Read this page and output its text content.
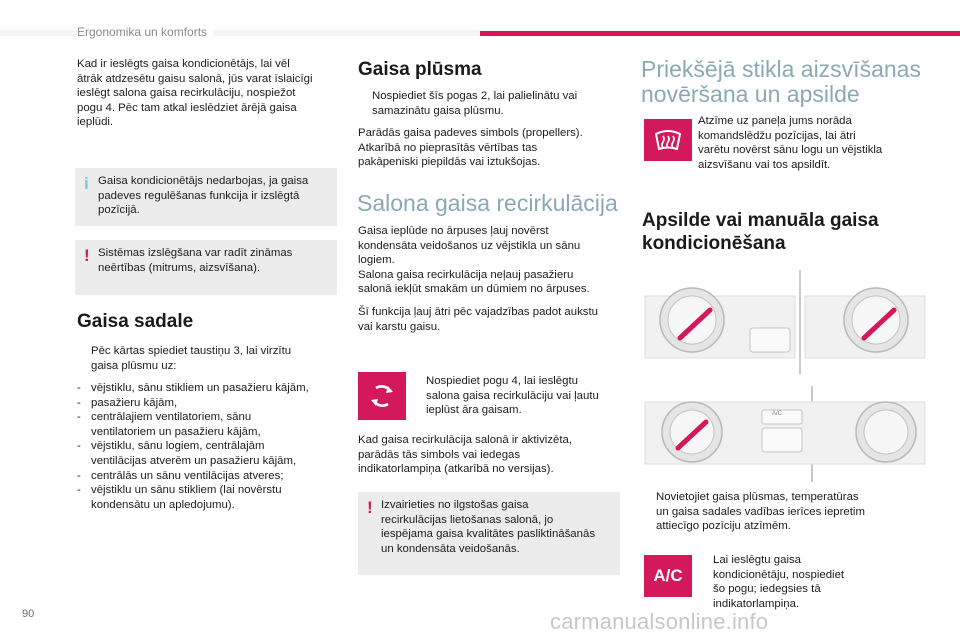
Ergonomika un komforts
Kad ir ieslēgts gaisa kondicionētājs, lai vēl
ātrāk atdzesētu gaisu salonā, jūs varat īslaicīgi
ieslēgt salona gaisa recirkulāciju, nospiežot
pogu 4. Pēc tam atkal ieslēdziet ārējā gaisa
ieplūdi.
i Gaisa kondicionētājs nedarbojas, ja gaisa
padeves regulēšanas funkcija ir izslēgtā
pozīcijā.
! Sistēmas izslēgšana var radīt zināmas
neērtības (mitrums, aizsvīšana).
Gaisa sadale
Pēc kārtas spiediet taustiņu 3, lai virzītu
gaisa plūsmu uz:
- vējstiklu, sānu stikliem un pasažieru kājām,
- pasažieru kājām,
- centrālajiem ventilatoriem, sānu
ventilatoriem un pasažieru kājām,
- vējstiklu, sānu logiem, centrālajām
ventilācijas atverēm un pasažieru kājām,
- centrālās un sānu ventilācijas atveres;
- vējstiklu un sānu stikliem (lai novērstu
kondensātu un apledojumu).
Gaisa plūsma
Nospiediet šīs pogas 2, lai palielinātu vai
samazinātu gaisa plūsmu.
Parādās gaisa padeves simbols (propellers).
Atkarībā no pieprasītās vērtības tas
pakāpeniski piepildās vai iztukšojas.
Salona gaisa recirkulācija
Gaisa ieplūde no ārpuses ļauj novērst
kondensāta veidošanos uz vējstikla un sānu
logiem.
Salona gaisa recirkulācija neļauj pasažieru
salonā iekļūt smakām un dūmiem no ārpuses.
Šī funkcija ļauj ātri pēc vajadzības padot aukstu
vai karstu gaisu.
Nospiediet pogu 4, lai ieslēgtu
salona gaisa recirkulāciju vai ļautu
ieplūst āra gaisam.
Kad gaisa recirkulācija salonā ir aktivizēta,
parādās tās simbols vai iedegas
indikatorlampiņa (atkarībā no versijas).
! Izvairieties no ilgstošas gaisa
recirkulācijas lietošanas salonā, jo
iespējama gaisa kvalitātes pasliktināšanās
un kondensāta veidošanās.
Priekšējā stikla aizsvīšanas
novēršana un apsilde
Atzīme uz paneļa jums norāda
komandslēdžu pozīcijas, lai ātri
varētu novērst sānu logu un vējstikla
aizsvīšanu vai tos apsildīt.
Apsilde vai manuāla gaisa
kondicionēšana
A/C
Novietojiet gaisa plūsmas, temperatūras
un gaisa sadales vadības ierīces iepretim
attiecīgo pozīciju atzīmēm.
A/C
Lai ieslēgtu gaisa
kondicionētāju, nospiediet
šo pogu; iedegsies tā
indikatorlampiņa.
90	carmanualsonline.info
